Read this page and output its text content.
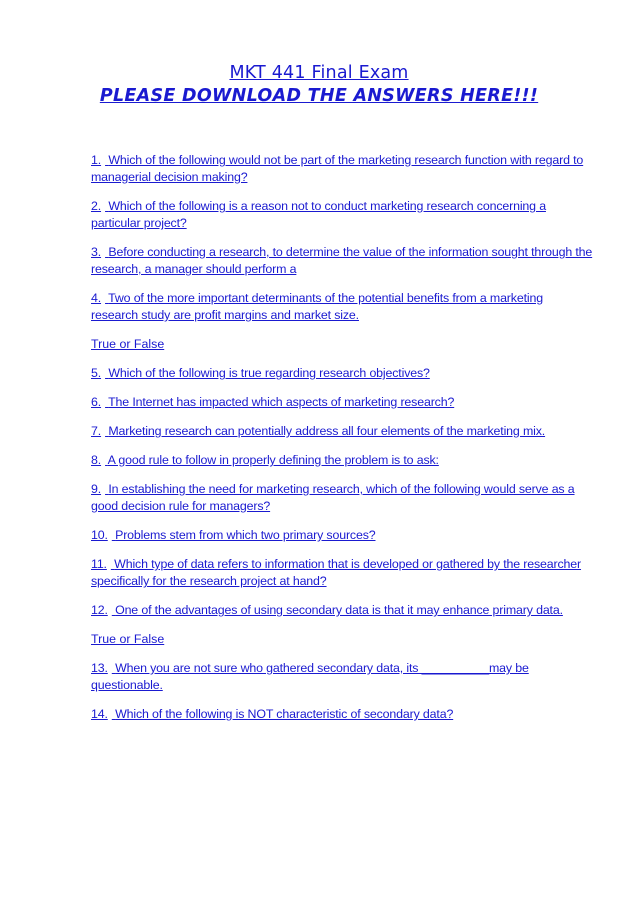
MKT 441 Final Exam
PLEASE DOWNLOAD THE ANSWERS HERE!!!
1. Which of the following would not be part of the marketing research function with regard to managerial decision making?
2. Which of the following is a reason not to conduct marketing research concerning a particular project?
3. Before conducting a research, to determine the value of the information sought through the research, a manager should perform a
4. Two of the more important determinants of the potential benefits from a marketing research study are profit margins and market size.
True or False
5. Which of the following is true regarding research objectives?
6. The Internet has impacted which aspects of marketing research?
7. Marketing research can potentially address all four elements of the marketing mix.
8. A good rule to follow in properly defining the problem is to ask:
9. In establishing the need for marketing research, which of the following would serve as a good decision rule for managers?
10. Problems stem from which two primary sources?
11. Which type of data refers to information that is developed or gathered by the researcher specifically for the research project at hand?
12. One of the advantages of using secondary data is that it may enhance primary data.
True or False
13. When you are not sure who gathered secondary data, its __________may be questionable.
14. Which of the following is NOT characteristic of secondary data?
